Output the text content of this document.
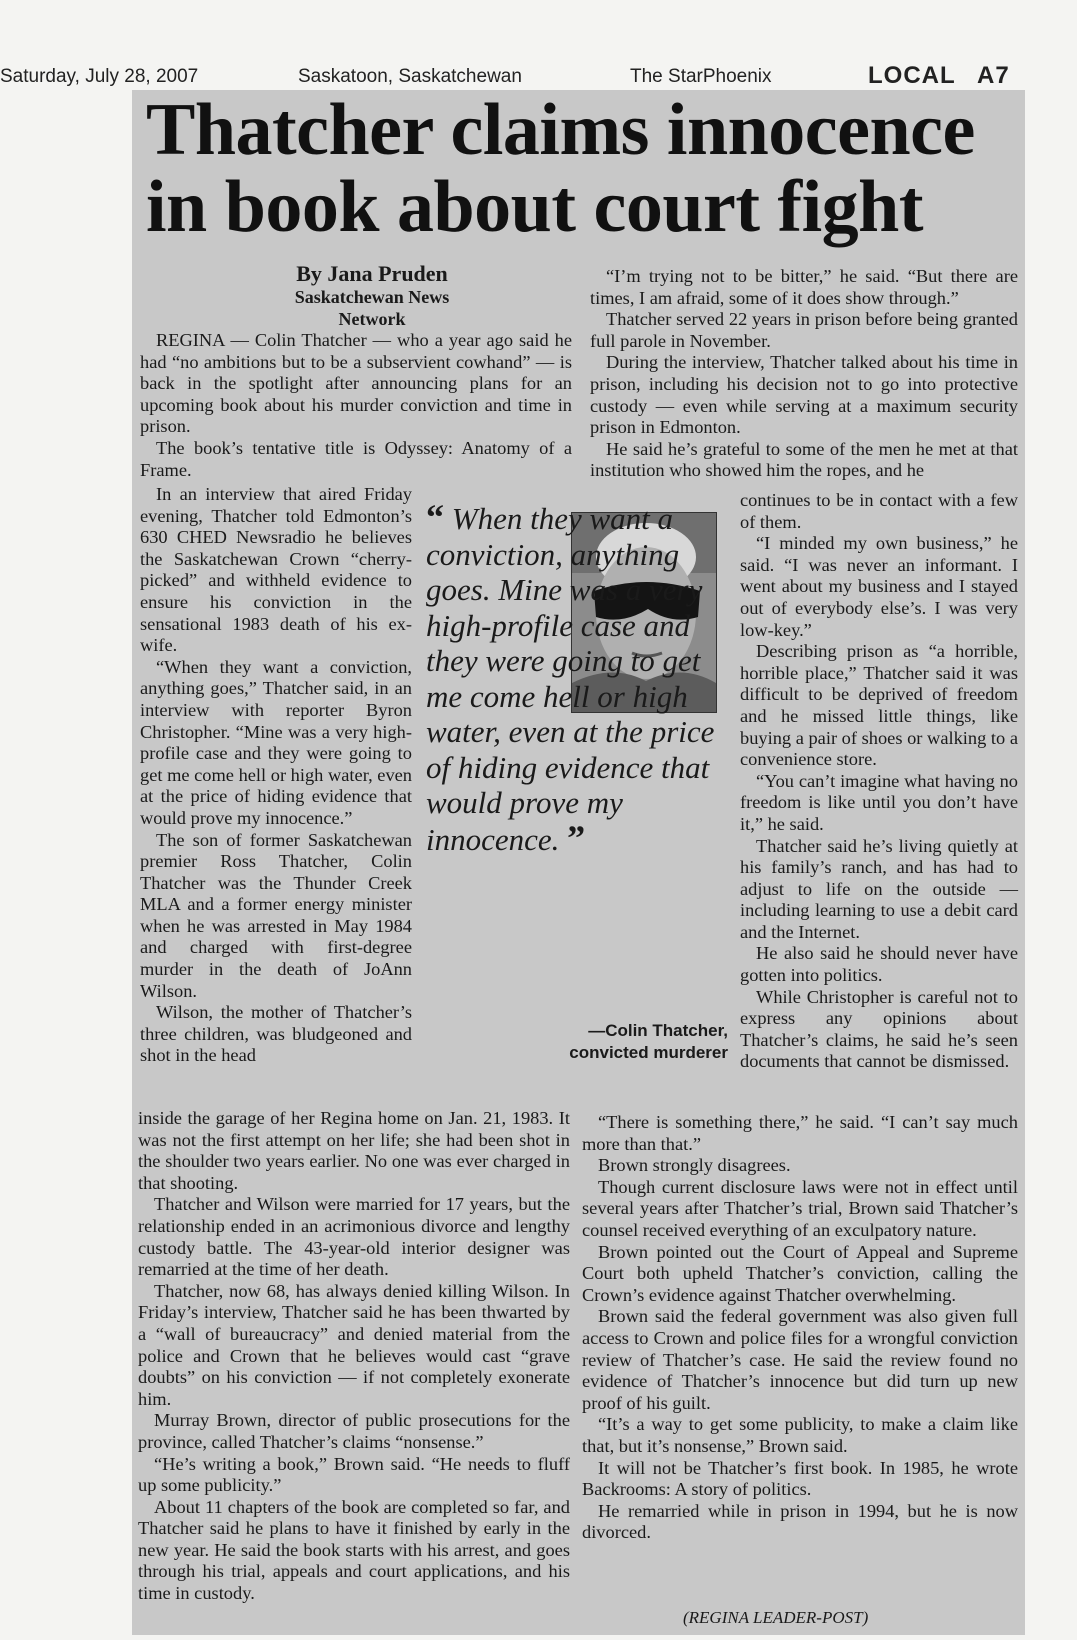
Saturday, July 28, 2007	Saskatoon, Saskatchewan	The StarPhoenix	LOCAL A7
Thatcher claims innocence
in book about court fight
By Jana Pruden
Saskatchewan News Network

REGINA — Colin Thatcher — who a year ago said he had “no ambitions but to be a subservient cowhand” — is back in the spotlight after announcing plans for an upcoming book about his murder conviction and time in prison.

The book’s tentative title is Odyssey: Anatomy of a Frame.

In an interview that aired Friday evening, Thatcher told Edmonton’s 630 CHED Newsradio he believes the Saskatchewan Crown “cherry-picked” and withheld evidence to ensure his conviction in the sensational 1983 death of his ex-wife.

“When they want a conviction, anything goes,” Thatcher said, in an interview with reporter Byron Christopher. “Mine was a very high-profile case and they were going to get me come hell or high water, even at the price of hiding evidence that would prove my innocence.”

The son of former Saskatchewan premier Ross Thatcher, Colin Thatcher was the Thunder Creek MLA and a former energy minister when he was arrested in May 1984 and charged with first-degree murder in the death of JoAnn Wilson.

Wilson, the mother of Thatcher’s three children, was bludgeoned and shot in the head

inside the garage of her Regina home on Jan. 21, 1983. It was not the first attempt on her life; she had been shot in the shoulder two years earlier. No one was ever charged in that shooting.

Thatcher and Wilson were married for 17 years, but the relationship ended in an acrimonious divorce and lengthy custody battle. The 43-year-old interior designer was remarried at the time of her death.

Thatcher, now 68, has always denied killing Wilson. In Friday’s interview, Thatcher said he has been thwarted by a “wall of bureaucracy” and denied material from the police and Crown that he believes would cast “grave doubts” on his conviction — if not completely exonerate him.

Murray Brown, director of public prosecutions for the province, called Thatcher’s claims “nonsense.”

“He’s writing a book,” Brown said. “He needs to fluff up some publicity.”

About 11 chapters of the book are completed so far, and Thatcher said he plans to have it finished by early in the new year. He said the book starts with his arrest, and goes through his trial, appeals and court applications, and his time in custody.

“I’m trying not to be bitter,” he said. “But there are times, I am afraid, some of it does show through.”

Thatcher served 22 years in prison before being granted full parole in November.

During the interview, Thatcher talked about his time in prison, including his decision not to go into protective custody — even while serving at a maximum security prison in Edmonton.

He said he’s grateful to some of the men he met at that institution who showed him the ropes, and he

continues to be in contact with a few of them.

“I minded my own business,” he said. “I was never an informant. I went about my business and I stayed out of everybody else’s. I was very low-key.”

Describing prison as “a horrible, horrible place,” Thatcher said it was difficult to be deprived of freedom and he missed little things, like buying a pair of shoes or walking to a convenience store.

“You can’t imagine what having no freedom is like until you don’t have it,” he said.

Thatcher said he’s living quietly at his family’s ranch, and has had to adjust to life on the outside — including learning to use a debit card and the Internet.

He also said he should never have gotten into politics.

While Christopher is careful not to express any opinions about Thatcher’s claims, he said he’s seen documents that cannot be dismissed.

“There is something there,” he said. “I can’t say much more than that.”

Brown strongly disagrees.

Though current disclosure laws were not in effect until several years after Thatcher’s trial, Brown said Thatcher’s counsel received everything of an exculpatory nature.

Brown pointed out the Court of Appeal and Supreme Court both upheld Thatcher’s conviction, calling the Crown’s evidence against Thatcher overwhelming.

Brown said the federal government was also given full access to Crown and police files for a wrongful conviction review of Thatcher’s case. He said the review found no evidence of Thatcher’s innocence but did turn up new proof of his guilt.

“It’s a way to get some publicity, to make a claim like that, but it’s nonsense,” Brown said.

It will not be Thatcher’s first book. In 1985, he wrote Backrooms: A story of politics.

He remarried while in prison in 1994, but he is now divorced.

“ When they want a conviction, anything goes. Mine was a very high-profile case and they were going to get me come hell or high water, even at the price of hiding evidence that would prove my innocence. ”
—Colin Thatcher,
convicted murderer
(REGINA LEADER-POST)
